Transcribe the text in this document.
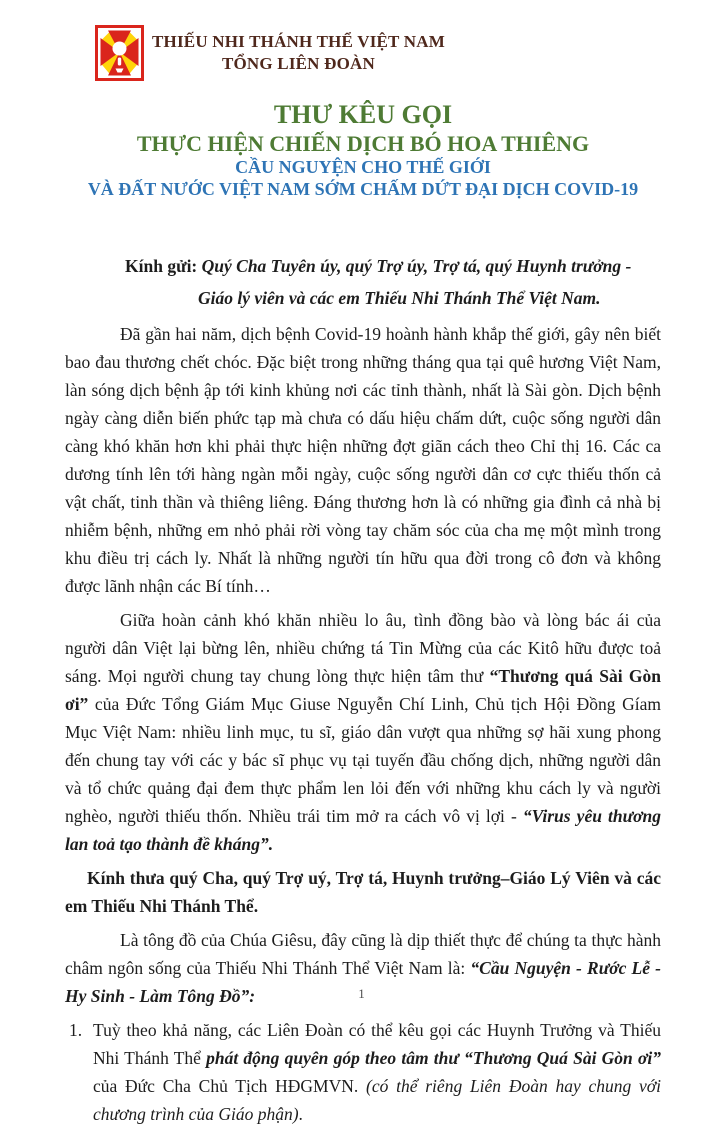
THIẾU NHI THÁNH THỂ VIỆT NAM
TỔNG LIÊN ĐOÀN
THƯ KÊU GỌI
THỰC HIỆN CHIẾN DỊCH BÓ HOA THIÊNG
CẦU NGUYỆN CHO THẾ GIỚI
VÀ ĐẤT NƯỚC VIỆT NAM SỚM CHẤM DỨT ĐẠI DỊCH COVID-19
Kính gửi: Quý Cha Tuyên úy, quý Trợ úy, Trợ tá, quý Huynh trưởng - Giáo lý viên và các em Thiếu Nhi Thánh Thể Việt Nam.

Đã gần hai năm, dịch bệnh Covid-19 hoành hành khắp thế giới, gây nên biết bao đau thương chết chóc. Đặc biệt trong những tháng qua tại quê hương Việt Nam, làn sóng dịch bệnh ập tới kinh khủng nơi các tỉnh thành, nhất là Sài gòn. Dịch bệnh ngày càng diễn biến phức tạp mà chưa có dấu hiệu chấm dứt, cuộc sống người dân càng khó khăn hơn khi phải thực hiện những đợt giãn cách theo Chỉ thị 16. Các ca dương tính lên tới hàng ngàn mỗi ngày, cuộc sống người dân cơ cực thiếu thốn cả vật chất, tinh thần và thiêng liêng. Đáng thương hơn là có những gia đình cả nhà bị nhiễm bệnh, những em nhỏ phải rời vòng tay chăm sóc của cha mẹ một mình trong khu điều trị cách ly. Nhất là những người tín hữu qua đời trong cô đơn và không được lãnh nhận các Bí tính…

Giữa hoàn cảnh khó khăn nhiều lo âu, tình đồng bào và lòng bác ái của người dân Việt lại bừng lên, nhiều chứng tá Tin Mừng của các Kitô hữu được toả sáng. Mọi người chung tay chung lòng thực hiện tâm thư “Thương quá Sài Gòn ơi” của Đức Tổng Giám Mục Giuse Nguyễn Chí Linh, Chủ tịch Hội Đồng Gíam Mục Việt Nam: nhiều linh mục, tu sĩ, giáo dân vượt qua những sợ hãi xung phong đến chung tay với các y bác sĩ phục vụ tại tuyến đầu chống dịch, những người dân và tổ chức quảng đại đem thực phẩm len lỏi đến với những khu cách ly và người nghèo, người thiếu thốn. Nhiều trái tim mở ra cách vô vị lợi - “Virus yêu thương lan toả tạo thành đề kháng”.

Kính thưa quý Cha, quý Trợ uý, Trợ tá, Huynh trưởng–Giáo Lý Viên và các em Thiếu Nhi Thánh Thể.

Là tông đồ của Chúa Giêsu, đây cũng là dịp thiết thực để chúng ta thực hành châm ngôn sống của Thiếu Nhi Thánh Thể Việt Nam là: “Cầu Nguyện - Rước Lễ - Hy Sinh - Làm Tông Đồ”:

1. Tuỳ theo khả năng, các Liên Đoàn có thể kêu gọi các Huynh Trưởng và Thiếu Nhi Thánh Thể phát động quyên góp theo tâm thư “Thương Quá Sài Gòn ơi” của Đức Cha Chủ Tịch HĐGMVN. (có thể riêng Liên Đoàn hay chung với chương trình của Giáo phận).
1
